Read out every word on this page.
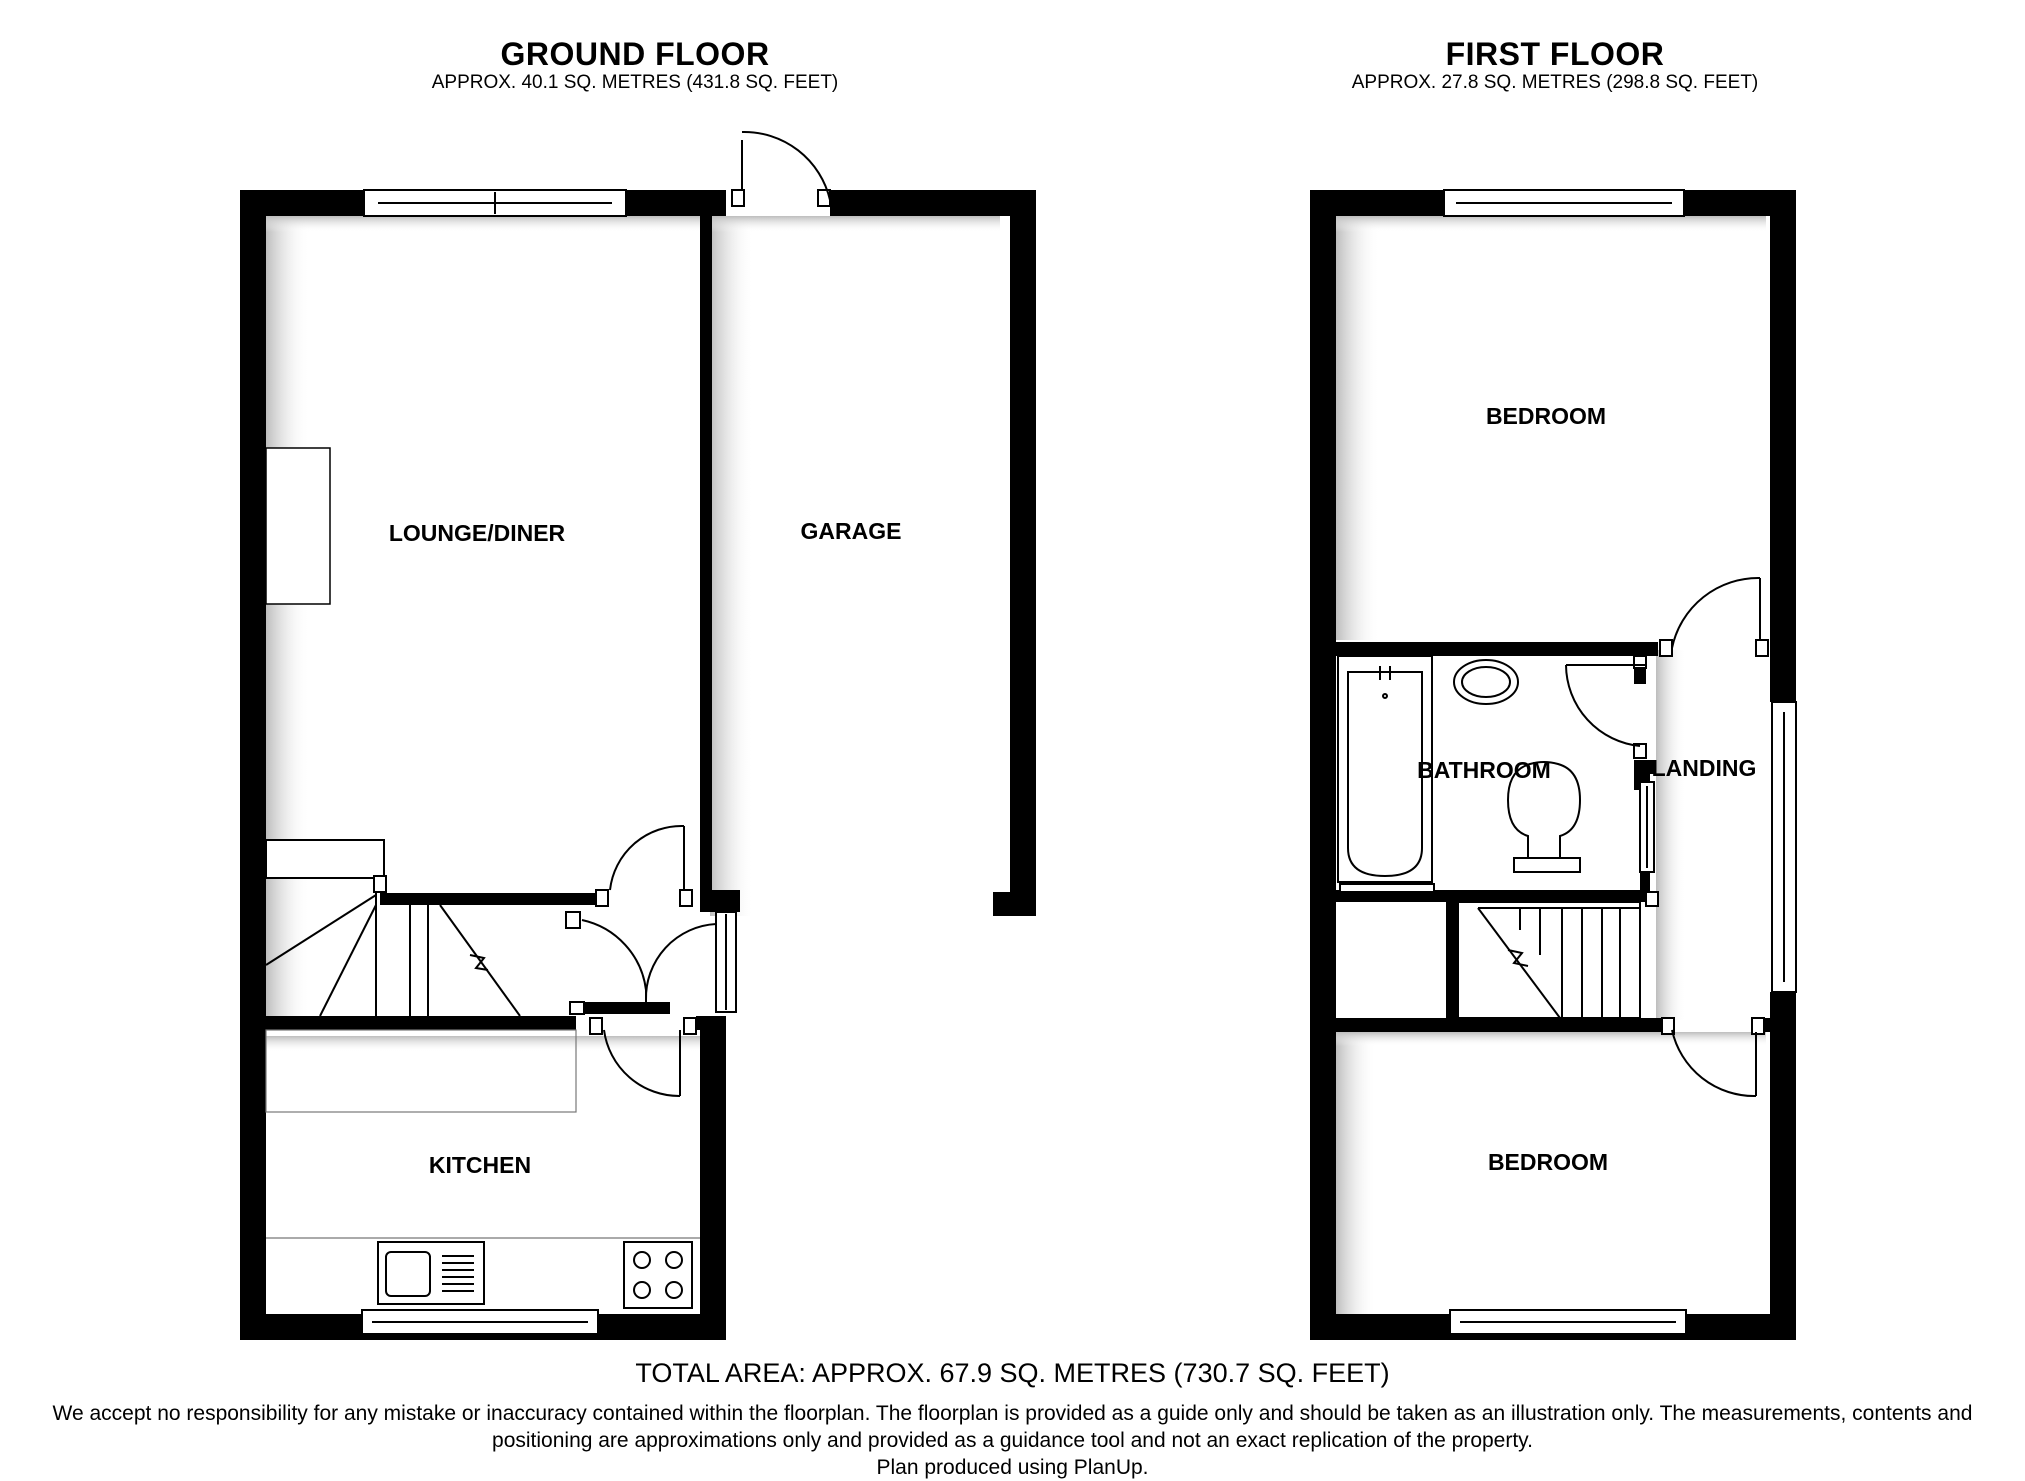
GROUND FLOOR
APPROX. 40.1 SQ. METRES (431.8 SQ. FEET)
FIRST FLOOR
APPROX. 27.8 SQ. METRES (298.8 SQ. FEET)
LOUNGE/DINER	GARAGE
KITCHEN
BEDROOM
BATHROOM	LANDING
BEDROOM
TOTAL AREA: APPROX. 67.9 SQ. METRES (730.7 SQ. FEET)
We accept no responsibility for any mistake or inaccuracy contained within the floorplan. The floorplan is provided as a guide only and should be taken as an illustration only. The measurements, contents and
positioning are approximations only and provided as a guidance tool and not an exact replication of the property.
Plan produced using PlanUp.
